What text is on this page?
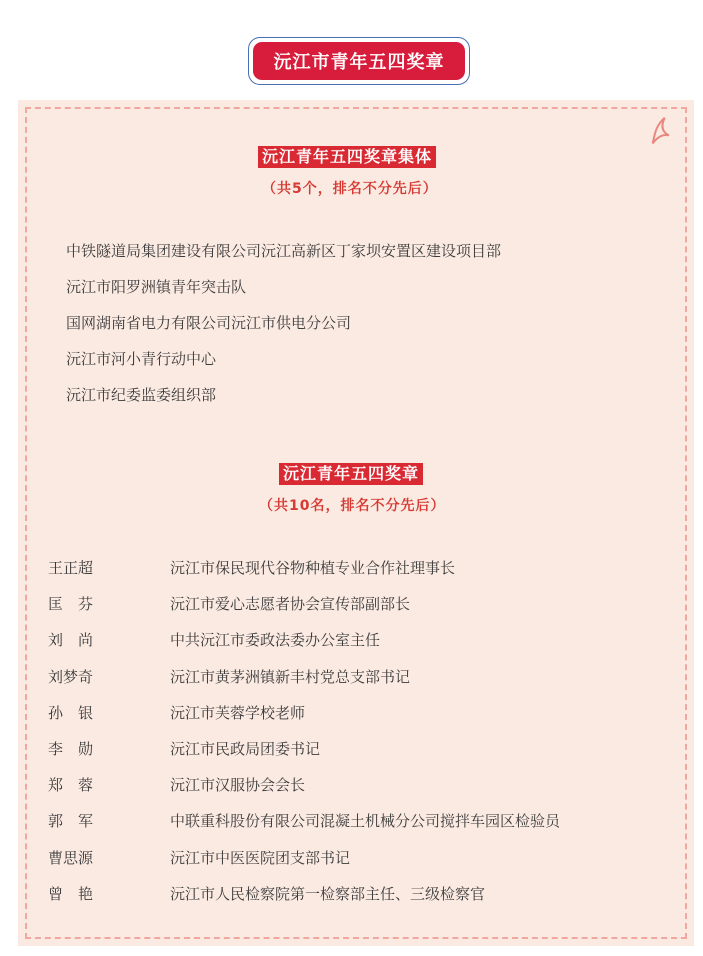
沅江市青年五四奖章
沅江青年五四奖章集体
（共5个，排名不分先后）
中铁隧道局集团建设有限公司沅江高新区丁家坝安置区建设项目部
沅江市阳罗洲镇青年突击队
国网湖南省电力有限公司沅江市供电分公司
沅江市河小青行动中心
沅江市纪委监委组织部
沅江青年五四奖章
（共10名，排名不分先后）
王正超	沅江市保民现代谷物种植专业合作社理事长
匡　芬	沅江市爱心志愿者协会宣传部副部长
刘　尚	中共沅江市委政法委办公室主任
刘梦奇	沅江市黄茅洲镇新丰村党总支部书记
孙　银	沅江市芙蓉学校老师
李　勋	沅江市民政局团委书记
郑　蓉	沅江市汉服协会会长
郭　军	中联重科股份有限公司混凝土机械分公司搅拌车园区检验员
曹思源	沅江市中医医院团支部书记
曾　艳	沅江市人民检察院第一检察部主任、三级检察官
